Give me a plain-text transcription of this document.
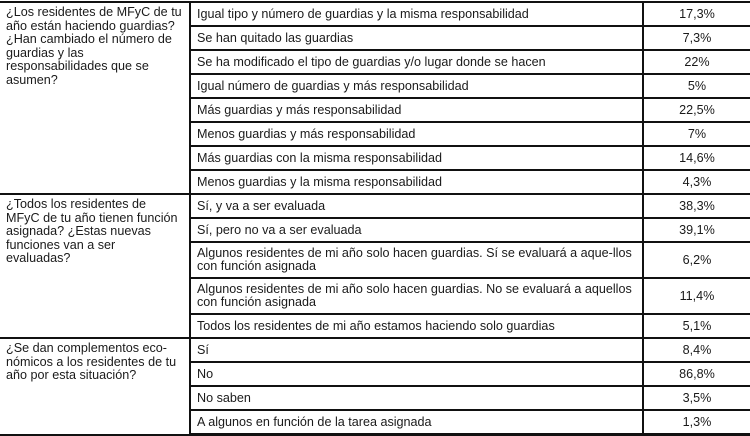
¿Los residentes de MFyC de tu año están haciendo guardias? ¿Han cambiado el número de guardias y las responsabilidades que se asumen?	Igual tipo y número de guardias y la misma responsabilidad	17,3%
	Se han quitado las guardias	7,3%
	Se ha modificado el tipo de guardias y/o lugar donde se hacen	22%
	Igual número de guardias y más responsabilidad	5%
	Más guardias y más responsabilidad	22,5%
	Menos guardias y más responsabilidad	7%
	Más guardias con la misma responsabilidad	14,6%
	Menos guardias y la misma responsabilidad	4,3%
¿Todos los residentes de MFyC de tu año tienen función asignada? ¿Estas nuevas funciones van a ser evaluadas?	Sí, y va a ser evaluada	38,3%
	Sí, pero no va a ser evaluada	39,1%
	Algunos residentes de mi año solo hacen guardias. Sí se evaluará a aque-llos con función asignada	6,2%
	Algunos residentes de mi año solo hacen guardias. No se evaluará a aquellos con función asignada	11,4%
	Todos los residentes de mi año estamos haciendo solo guardias	5,1%
¿Se dan complementos eco-nómicos a los residentes de tu año por esta situación?	Sí	8,4%
	No	86,8%
	No saben	3,5%
	A algunos en función de la tarea asignada	1,3%
